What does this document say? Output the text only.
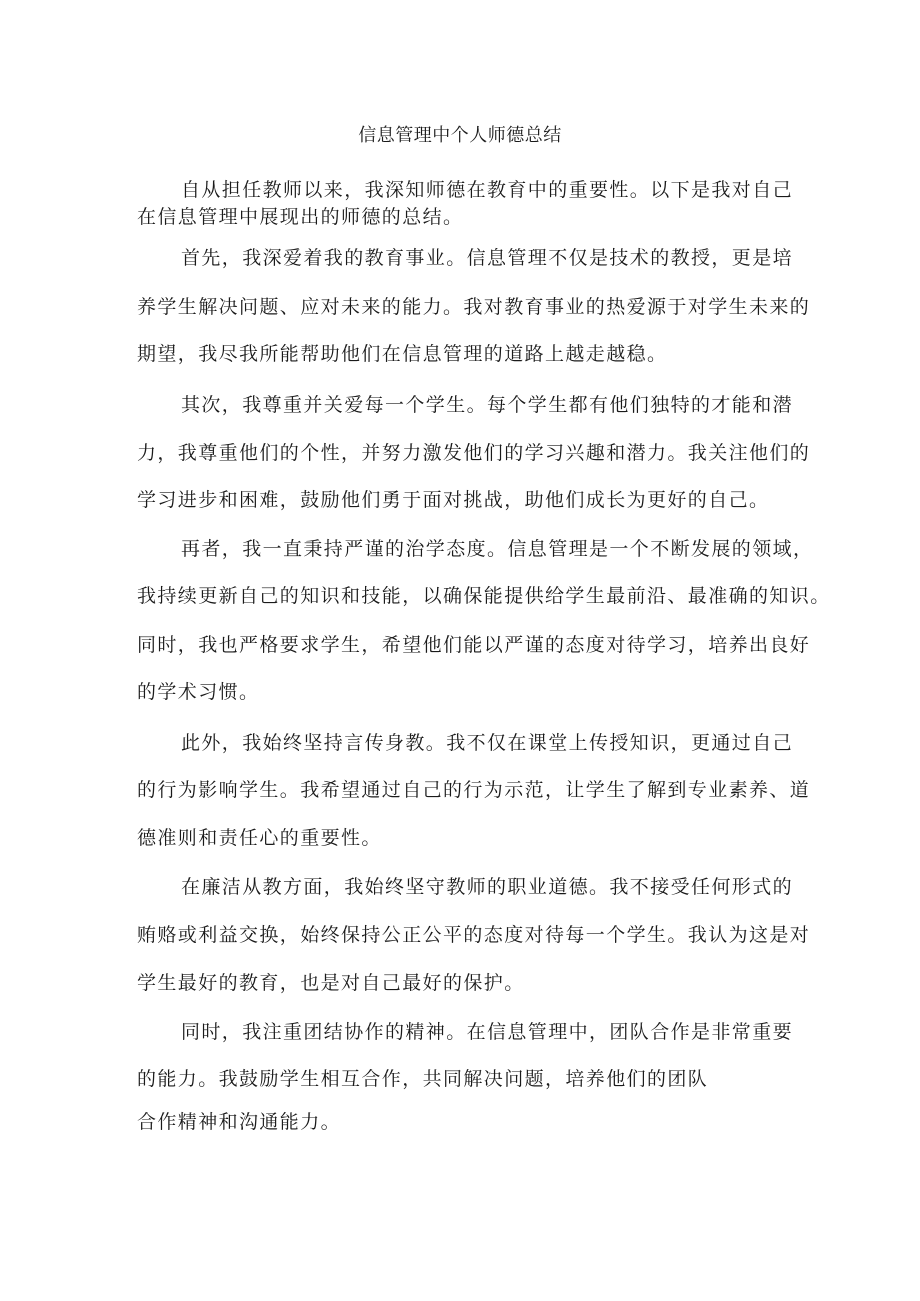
信息管理中个人师德总结
自从担任教师以来，我深知师德在教育中的重要性。以下是我对自己
在信息管理中展现出的师德的总结。
首先，我深爱着我的教育事业。信息管理不仅是技术的教授，更是培
养学生解决问题、应对未来的能力。我对教育事业的热爱源于对学生未来的
期望，我尽我所能帮助他们在信息管理的道路上越走越稳。
其次，我尊重并关爱每一个学生。每个学生都有他们独特的才能和潜
力，我尊重他们的个性，并努力激发他们的学习兴趣和潜力。我关注他们的
学习进步和困难，鼓励他们勇于面对挑战，助他们成长为更好的自己。
再者，我一直秉持严谨的治学态度。信息管理是一个不断发展的领域，
我持续更新自己的知识和技能，以确保能提供给学生最前沿、最准确的知识。
同时，我也严格要求学生，希望他们能以严谨的态度对待学习，培养出良好
的学术习惯。
此外，我始终坚持言传身教。我不仅在课堂上传授知识，更通过自己
的行为影响学生。我希望通过自己的行为示范，让学生了解到专业素养、道
德准则和责任心的重要性。
在廉洁从教方面，我始终坚守教师的职业道德。我不接受任何形式的
贿赂或利益交换，始终保持公正公平的态度对待每一个学生。我认为这是对
学生最好的教育，也是对自己最好的保护。
同时，我注重团结协作的精神。在信息管理中，团队合作是非常重要
的能力。我鼓励学生相互合作，共同解决问题，培养他们的团队
合作精神和沟通能力。
